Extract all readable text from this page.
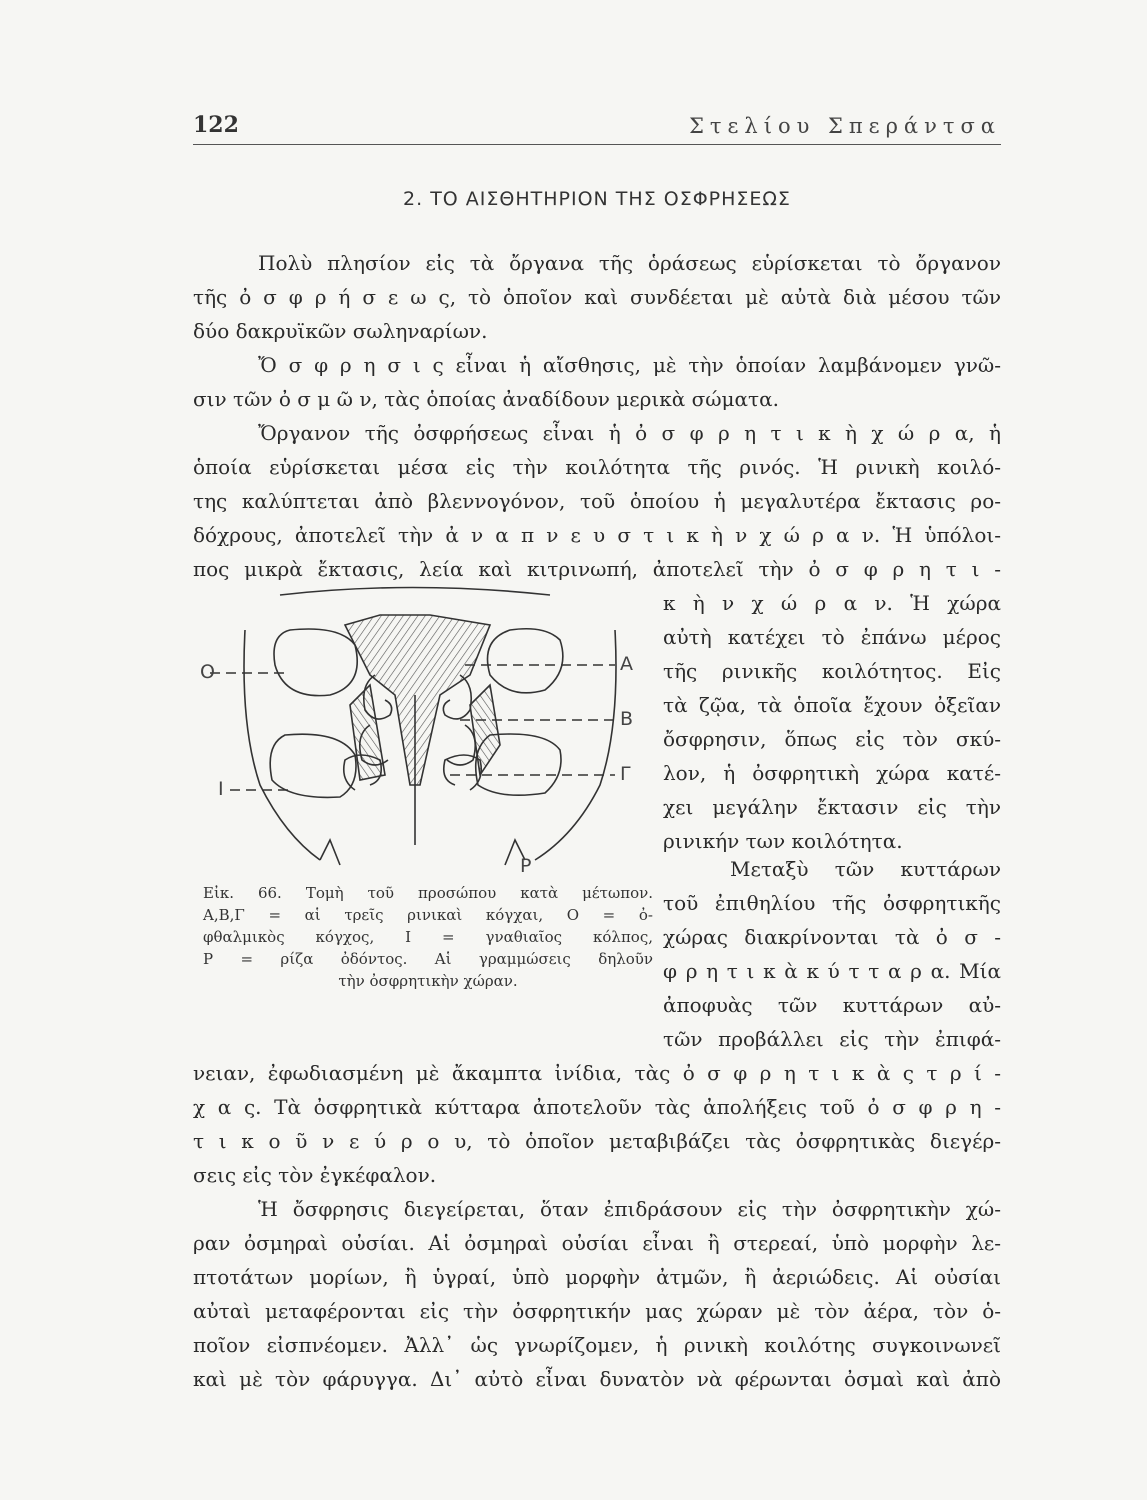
122	Στελίου Σπεράντσα
2. ΤΟ ΑΙΣΘΗΤΗΡΙΟΝ ΤΗΣ ΟΣΦΡΗΣΕΩΣ
Πολὺ πλησίον εἰς τὰ ὄργανα τῆς ὁράσεως εὑρίσκεται τὸ ὄργανον
τῆς ὀ σ φ ρ ή σ ε ω ς, τὸ ὁποῖον καὶ συνδέεται μὲ αὐτὰ διὰ μέσου τῶν
δύο δακρυϊκῶν σωληναρίων.
Ὄ σ φ ρ η σ ι ς εἶναι ἡ αἴσθησις, μὲ τὴν ὁποίαν λαμβάνομεν γνῶ-
σιν τῶν ὀ σ μ ῶ ν, τὰς ὁποίας ἀναδίδουν μερικὰ σώματα.
Ὄργανον τῆς ὀσφρήσεως εἶναι ἡ ὀ σ φ ρ η τ ι κ ὴ χ ώ ρ α, ἡ
ὁποία εὑρίσκεται μέσα εἰς τὴν κοιλότητα τῆς ρινός. Ἡ ρινικὴ κοιλό-
της καλύπτεται ἀπὸ βλεννογόνον, τοῦ ὁποίου ἡ μεγαλυτέρα ἔκτασις ρο-
δόχρους, ἀποτελεῖ τὴν ἀ ν α π ν ε υ σ τ ι κ ὴ ν χ ώ ρ α ν. Ἡ ὑπόλοι-
πος μικρὰ ἔκτασις, λεία καὶ κιτρινωπή, ἀποτελεῖ τὴν ὀ σ φ ρ η τ ι -
κ ὴ ν χ ώ ρ α ν. Ἡ χώρα
αὐτὴ κατέχει τὸ ἐπάνω μέρος
τῆς ρινικῆς κοιλότητος. Εἰς
τὰ ζῷα, τὰ ὁποῖα ἔχουν ὀξεῖαν
ὄσφρησιν, ὅπως εἰς τὸν σκύ-
λον, ἡ ὀσφρητικὴ χώρα κατέ-
χει μεγάλην ἔκτασιν εἰς τὴν
ρινικήν των κοιλότητα.
Μεταξὺ τῶν κυττάρων
τοῦ ἐπιθηλίου τῆς ὀσφρητικῆς
χώρας διακρίνονται τὰ ὀ σ -
φ ρ η τ ι κ ὰ κ ύ τ τ α ρ α. Μία
ἀποφυὰς τῶν κυττάρων αὐ-
τῶν προβάλλει εἰς τὴν ἐπιφά-
O	A
B
Γ
I
P
Εἰκ. 66. Τομὴ τοῦ προσώπου κατὰ μέτωπον.
Α,Β,Γ = αἱ τρεῖς ρινικαὶ κόγχαι, Ο = ὀ-
φθαλμικὸς κόγχος, Ι = γναθιαῖος κόλπος,
Ρ = ρίζα ὀδόντος. Αἱ γραμμώσεις δηλοῦν
τὴν ὀσφρητικὴν χώραν.
νειαν, ἐφωδιασμένη μὲ ἄκαμπτα ἰνίδια, τὰς ὀ σ φ ρ η τ ι κ ὰ ς τ ρ ί -
χ α ς. Τὰ ὀσφρητικὰ κύτταρα ἀποτελοῦν τὰς ἀπολήξεις τοῦ ὀ σ φ ρ η -
τ ι κ ο ῦ ν ε ύ ρ ο υ, τὸ ὁποῖον μεταβιβάζει τὰς ὀσφρητικὰς διεγέρ-
σεις εἰς τὸν ἐγκέφαλον.
Ἡ ὄσφρησις διεγείρεται, ὅταν ἐπιδράσουν εἰς τὴν ὀσφρητικὴν χώ-
ραν ὀσμηραὶ οὐσίαι. Αἱ ὀσμηραὶ οὐσίαι εἶναι ἢ στερεαί, ὑπὸ μορφὴν λε-
πτοτάτων μορίων, ἢ ὑγραί, ὑπὸ μορφὴν ἀτμῶν, ἢ ἀεριώδεις. Αἱ οὐσίαι
αὐταὶ μεταφέρονται εἰς τὴν ὀσφρητικήν μας χώραν μὲ τὸν ἀέρα, τὸν ὁ-
ποῖον εἰσπνέομεν. Ἀλλ᾽ ὡς γνωρίζομεν, ἡ ρινικὴ κοιλότης συγκοινωνεῖ
καὶ μὲ τὸν φάρυγγα. Δι᾽ αὐτὸ εἶναι δυνατὸν νὰ φέρωνται ὀσμαὶ καὶ ἀπὸ
